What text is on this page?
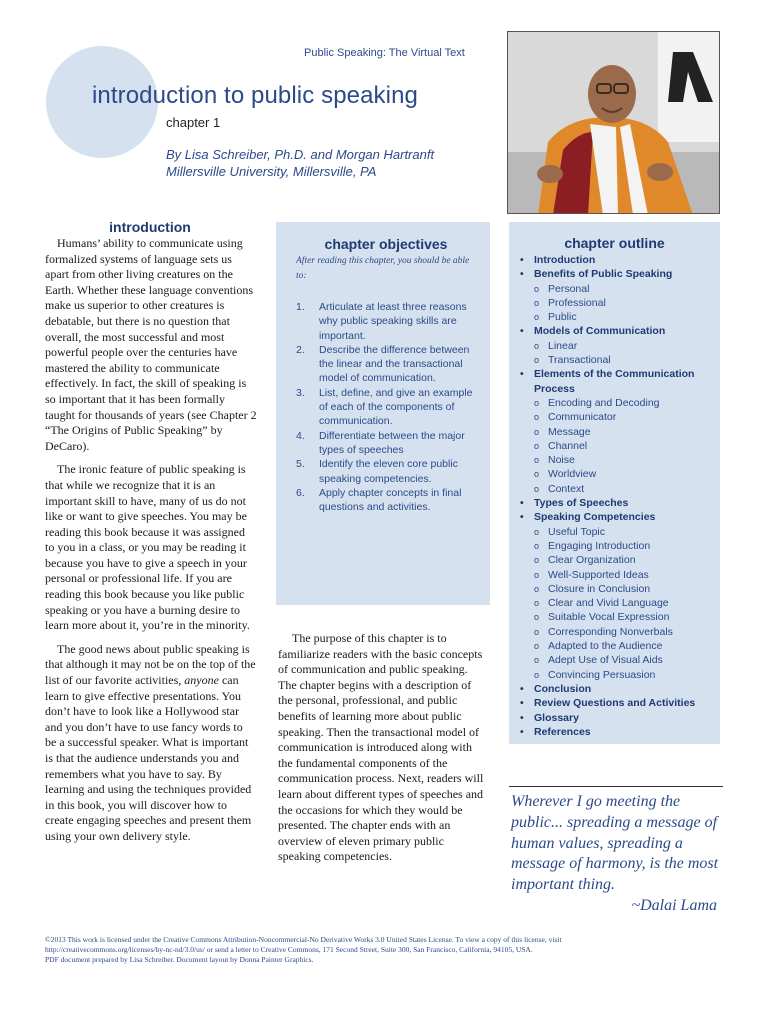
Public Speaking: The Virtual Text
introduction to public speaking
chapter 1
By Lisa Schreiber, Ph.D. and Morgan Hartranft
Millersville University, Millersville, PA
introduction

Humans’ ability to communicate using formalized systems of language sets us apart from other living creatures on the Earth. Whether these language conventions make us superior to other creatures is debatable, but there is no question that overall, the most successful and most powerful people over the centuries have mastered the ability to communicate effectively. In fact, the skill of speaking is so important that it has been formally taught for thousands of years (see Chapter 2 “The Origins of Public Speaking” by DeCaro).

The ironic feature of public speaking is that while we recognize that it is an important skill to have, many of us do not like or want to give speeches. You may be reading this book because it was assigned to you in a class, or you may be reading it because you have to give a speech in your personal or professional life. If you are reading this book because you like public speaking or you have a burning desire to learn more about it, you’re in the minority.

The good news about public speaking is that although it may not be on the top of the list of our favorite activities, anyone can learn to give effective presentations. You don’t have to look like a Hollywood star and you don’t have to use fancy words to be a successful speaker. What is important is that the audience understands you and remembers what you have to say. By learning and using the techniques provided in this book, you will discover how to create engaging speeches and present them using your own delivery style.

chapter objectives
After reading this chapter, you should be able to:
1. Articulate at least three reasons why public speaking skills are important.
2. Describe the difference between the linear and the transactional model of communication.
3. List, define, and give an example of each of the components of communication.
4. Differentiate between the major types of speeches
5. Identify the eleven core public speaking competencies.
6. Apply chapter concepts in final questions and activities.

The purpose of this chapter is to familiarize readers with the basic concepts of communication and public speaking. The chapter begins with a description of the personal, professional, and public benefits of learning more about public speaking. Then the transactional model of communication is introduced along with the fundamental components of the communication process. Next, readers will learn about different types of speeches and the occasions for which they would be presented. The chapter ends with an overview of eleven primary public speaking competencies.

chapter outline
• Introduction
• Benefits of Public Speaking
o Personal
o Professional
o Public
• Models of Communication
o Linear
o Transactional
• Elements of the Communication Process
o Encoding and Decoding
o Communicator
o Message
o Channel
o Noise
o Worldview
o Context
• Types of Speeches
• Speaking Competencies
o Useful Topic
o Engaging Introduction
o Clear Organization
o Well-Supported Ideas
o Closure in Conclusion
o Clear and Vivid Language
o Suitable Vocal Expression
o Corresponding Nonverbals
o Adapted to the Audience
o Adept Use of Visual Aids
o Convincing Persuasion
• Conclusion
• Review Questions and Activities
• Glossary
• References
Wherever I go meeting the public... spreading a message of human values, spreading a message of harmony, is the most important thing.
~Dalai Lama
©2013 This work is licensed under the Creative Commons Attribution-Noncommercial-No Derivative Works 3.0 United States License. To view a copy of this license, visit
http://creativecommons.org/licenses/by-nc-nd/3.0/us/ or send a letter to Creative Commons, 171 Second Street, Suite 300, San Francisco, California, 94105, USA.
PDF document prepared by Lisa Schreiber. Document layout by Donna Painter Graphics.
